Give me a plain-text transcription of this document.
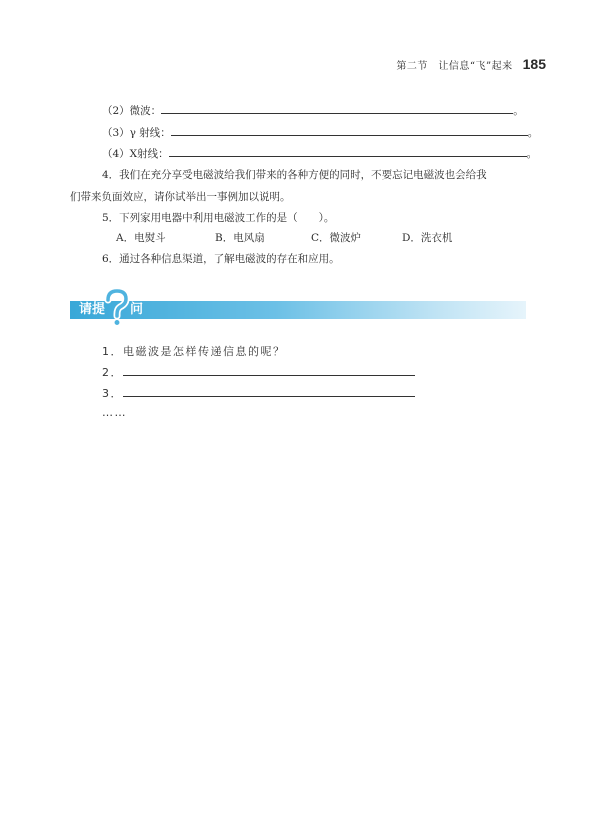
第二节　让信息“飞”起来 185
（2）微波：	。
（3）γ 射线：	。
（4）X射线：	。
4．我们在充分享受电磁波给我们带来的各种方便的同时，不要忘记电磁波也会给我
们带来负面效应，请你试举出一事例加以说明。
5．下列家用电器中利用电磁波工作的是（　　）。
A．电熨斗	B．电风扇	C．微波炉	D．洗衣机
6．通过各种信息渠道，了解电磁波的存在和应用。
请提 问
1．电磁波是怎样传递信息的呢？
2．
3．
……
